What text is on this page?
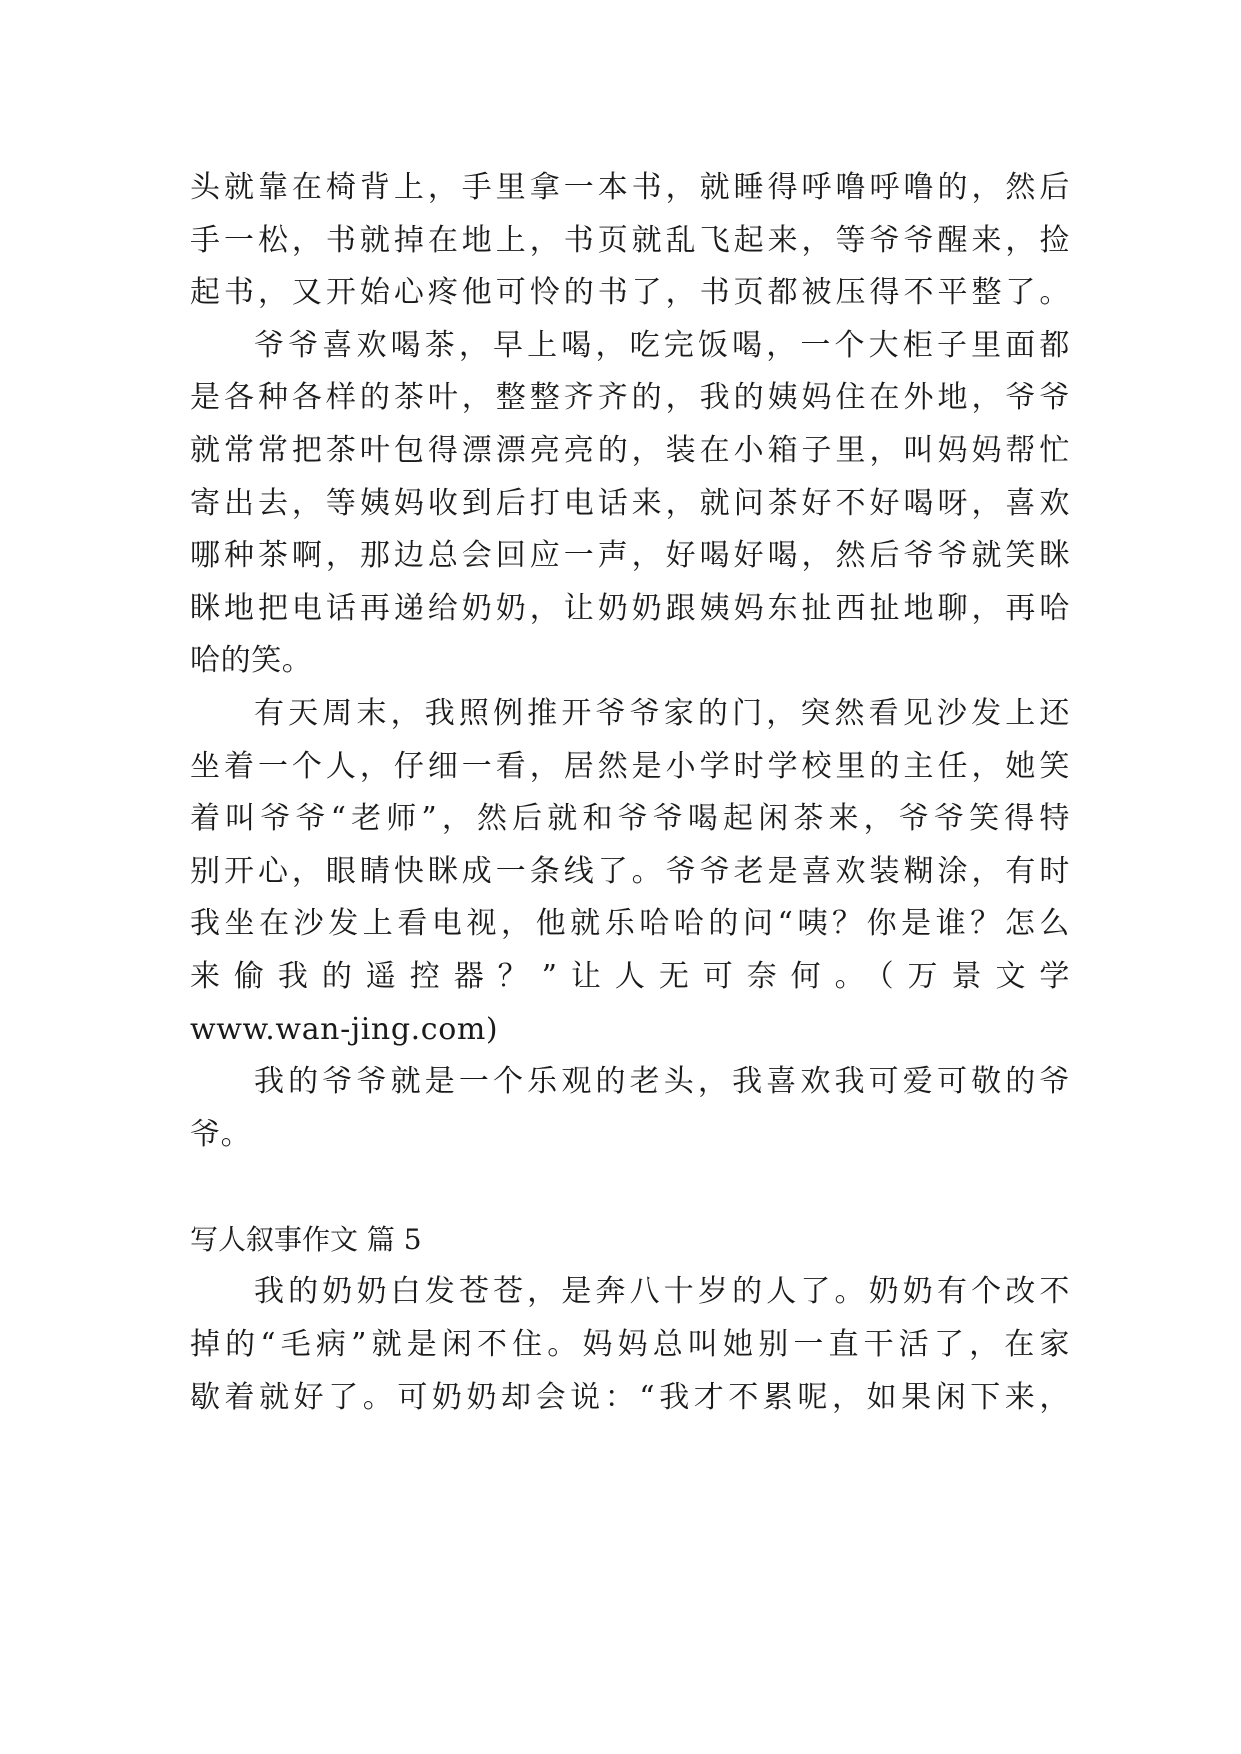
头就靠在椅背上，手里拿一本书，就睡得呼噜呼噜的，然后
手一松，书就掉在地上，书页就乱飞起来，等爷爷醒来，捡
起书，又开始心疼他可怜的书了，书页都被压得不平整了。
爷爷喜欢喝茶，早上喝，吃完饭喝，一个大柜子里面都
是各种各样的茶叶，整整齐齐的，我的姨妈住在外地，爷爷
就常常把茶叶包得漂漂亮亮的，装在小箱子里，叫妈妈帮忙
寄出去，等姨妈收到后打电话来，就问茶好不好喝呀，喜欢
哪种茶啊，那边总会回应一声，好喝好喝，然后爷爷就笑眯
眯地把电话再递给奶奶，让奶奶跟姨妈东扯西扯地聊，再哈
哈的笑。
有天周末，我照例推开爷爷家的门，突然看见沙发上还
坐着一个人，仔细一看，居然是小学时学校里的主任，她笑
着叫爷爷“老师”，然后就和爷爷喝起闲茶来，爷爷笑得特
别开心，眼睛快眯成一条线了。爷爷老是喜欢装糊涂，有时
我坐在沙发上看电视，他就乐哈哈的问“咦？你是谁？怎么
来偷我的遥控器？”让人无可奈何。（万景文学
www.wan-jing.com)
我的爷爷就是一个乐观的老头，我喜欢我可爱可敬的爷
爷。
写人叙事作文 篇 5
我的奶奶白发苍苍，是奔八十岁的人了。奶奶有个改不
掉的“毛病”就是闲不住。妈妈总叫她别一直干活了，在家
歇着就好了。可奶奶却会说：“我才不累呢，如果闲下来，
